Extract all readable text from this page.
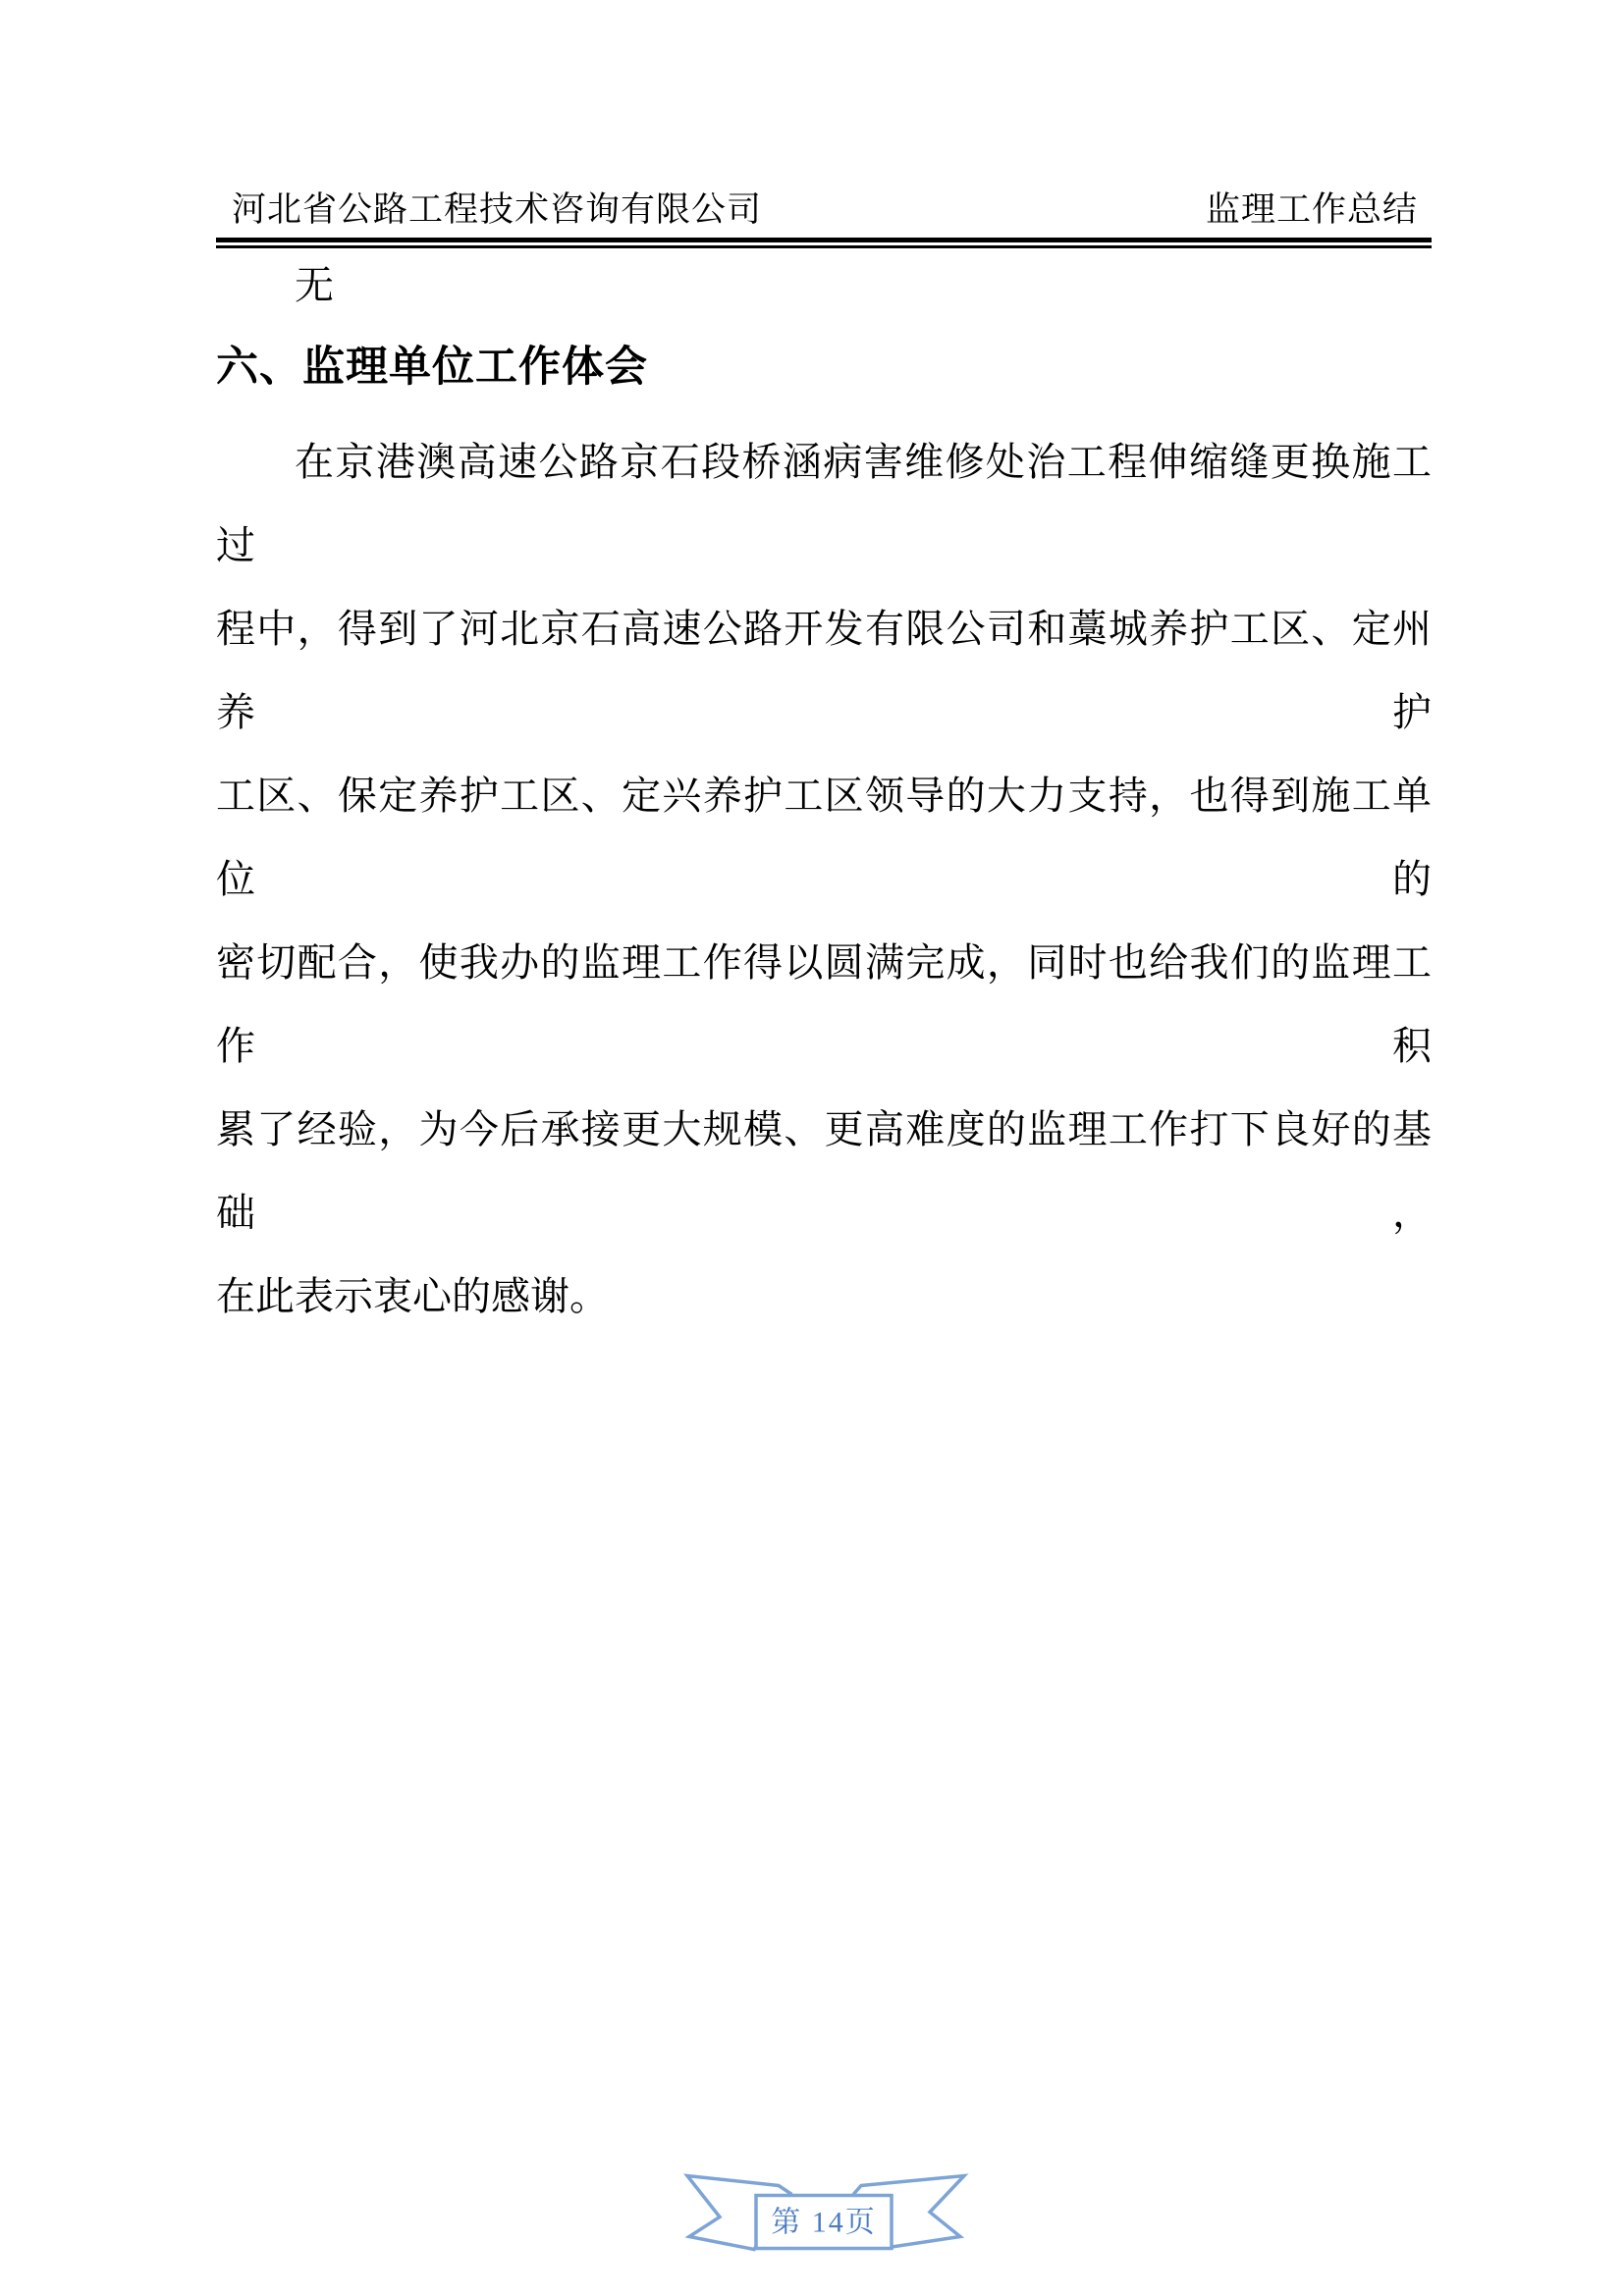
河北省公路工程技术咨询有限公司	监理工作总结
无
六、监理单位工作体会
在京港澳高速公路京石段桥涵病害维修处治工程伸缩缝更换施工过
程中，得到了河北京石高速公路开发有限公司和藁城养护工区、定州养护
工区、保定养护工区、定兴养护工区领导的大力支持，也得到施工单位的
密切配合，使我办的监理工作得以圆满完成，同时也给我们的监理工作积
累了经验，为今后承接更大规模、更高难度的监理工作打下良好的基础，
在此表示衷心的感谢。
第 14页
